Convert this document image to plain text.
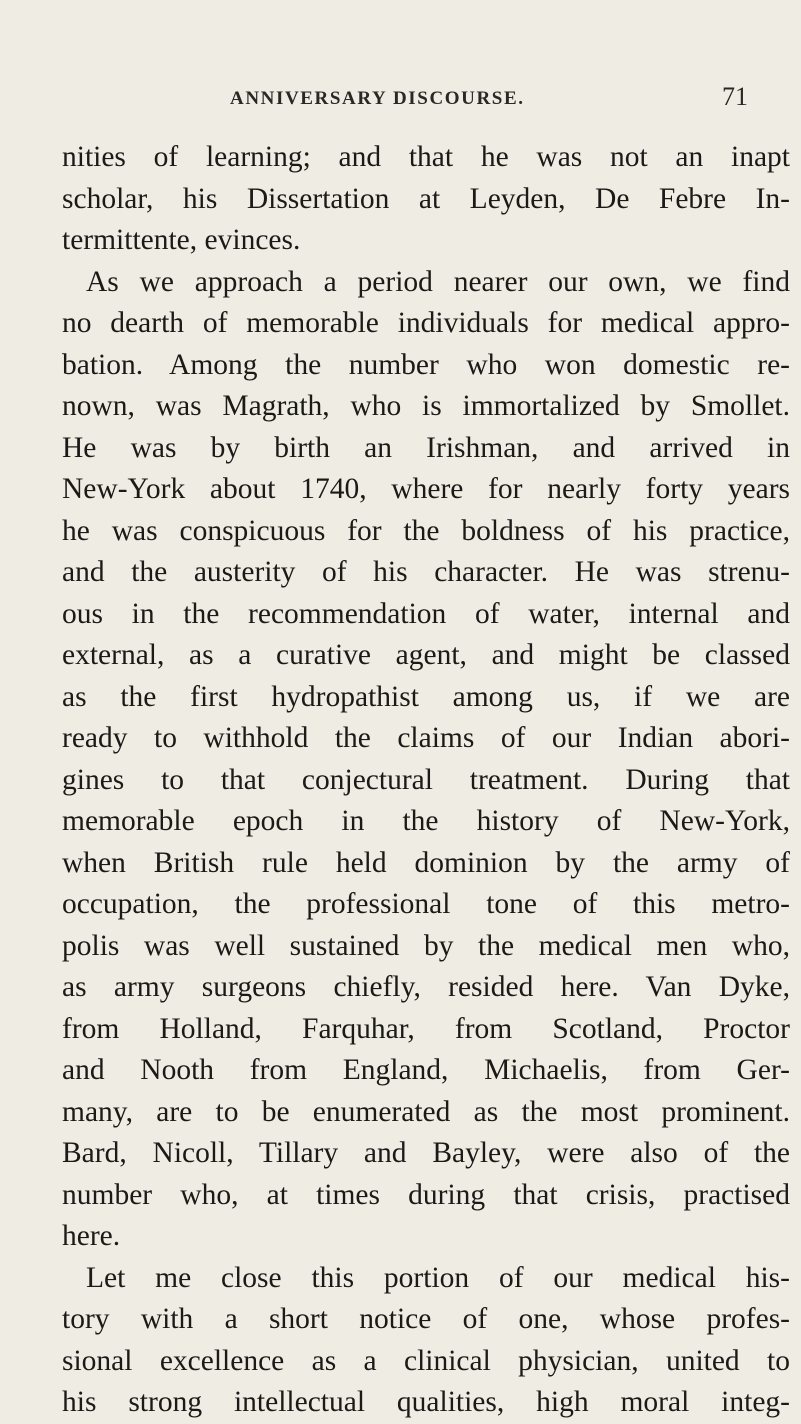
ANNIVERSARY DISCOURSE.	71
nities of learning; and that he was not an inapt
scholar, his Dissertation at Leyden, De Febre In-
termittente, evinces.
As we approach a period nearer our own, we find
no dearth of memorable individuals for medical appro-
bation. Among the number who won domestic re-
nown, was Magrath, who is immortalized by Smollet.
He was by birth an Irishman, and arrived in
New-York about 1740, where for nearly forty years
he was conspicuous for the boldness of his practice,
and the austerity of his character. He was strenu-
ous in the recommendation of water, internal and
external, as a curative agent, and might be classed
as the first hydropathist among us, if we are
ready to withhold the claims of our Indian abori-
gines to that conjectural treatment. During that
memorable epoch in the history of New-York,
when British rule held dominion by the army of
occupation, the professional tone of this metro-
polis was well sustained by the medical men who,
as army surgeons chiefly, resided here. Van Dyke,
from Holland, Farquhar, from Scotland, Proctor
and Nooth from England, Michaelis, from Ger-
many, are to be enumerated as the most prominent.
Bard, Nicoll, Tillary and Bayley, were also of the
number who, at times during that crisis, practised
here.
Let me close this portion of our medical his-
tory with a short notice of one, whose profes-
sional excellence as a clinical physician, united to
his strong intellectual qualities, high moral integ-
